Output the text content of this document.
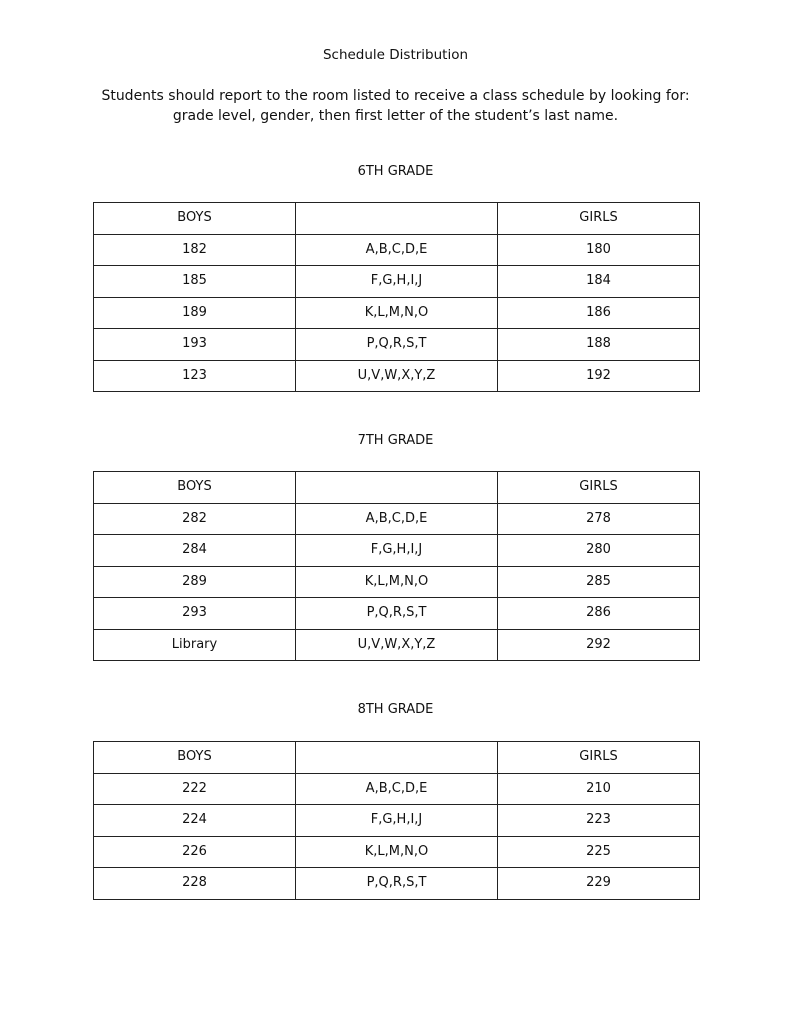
Schedule Distribution
Students should report to the room listed to receive a class schedule by looking for:
grade level, gender, then first letter of the student’s last name.
6TH GRADE
BOYS		GIRLS
182	A,B,C,D,E	180
185	F,G,H,I,J	184
189	K,L,M,N,O	186
193	P,Q,R,S,T	188
123	U,V,W,X,Y,Z	192
7TH GRADE
BOYS		GIRLS
282	A,B,C,D,E	278
284	F,G,H,I,J	280
289	K,L,M,N,O	285
293	P,Q,R,S,T	286
Library	U,V,W,X,Y,Z	292
8TH GRADE
BOYS		GIRLS
222	A,B,C,D,E	210
224	F,G,H,I,J	223
226	K,L,M,N,O	225
228	P,Q,R,S,T	229
